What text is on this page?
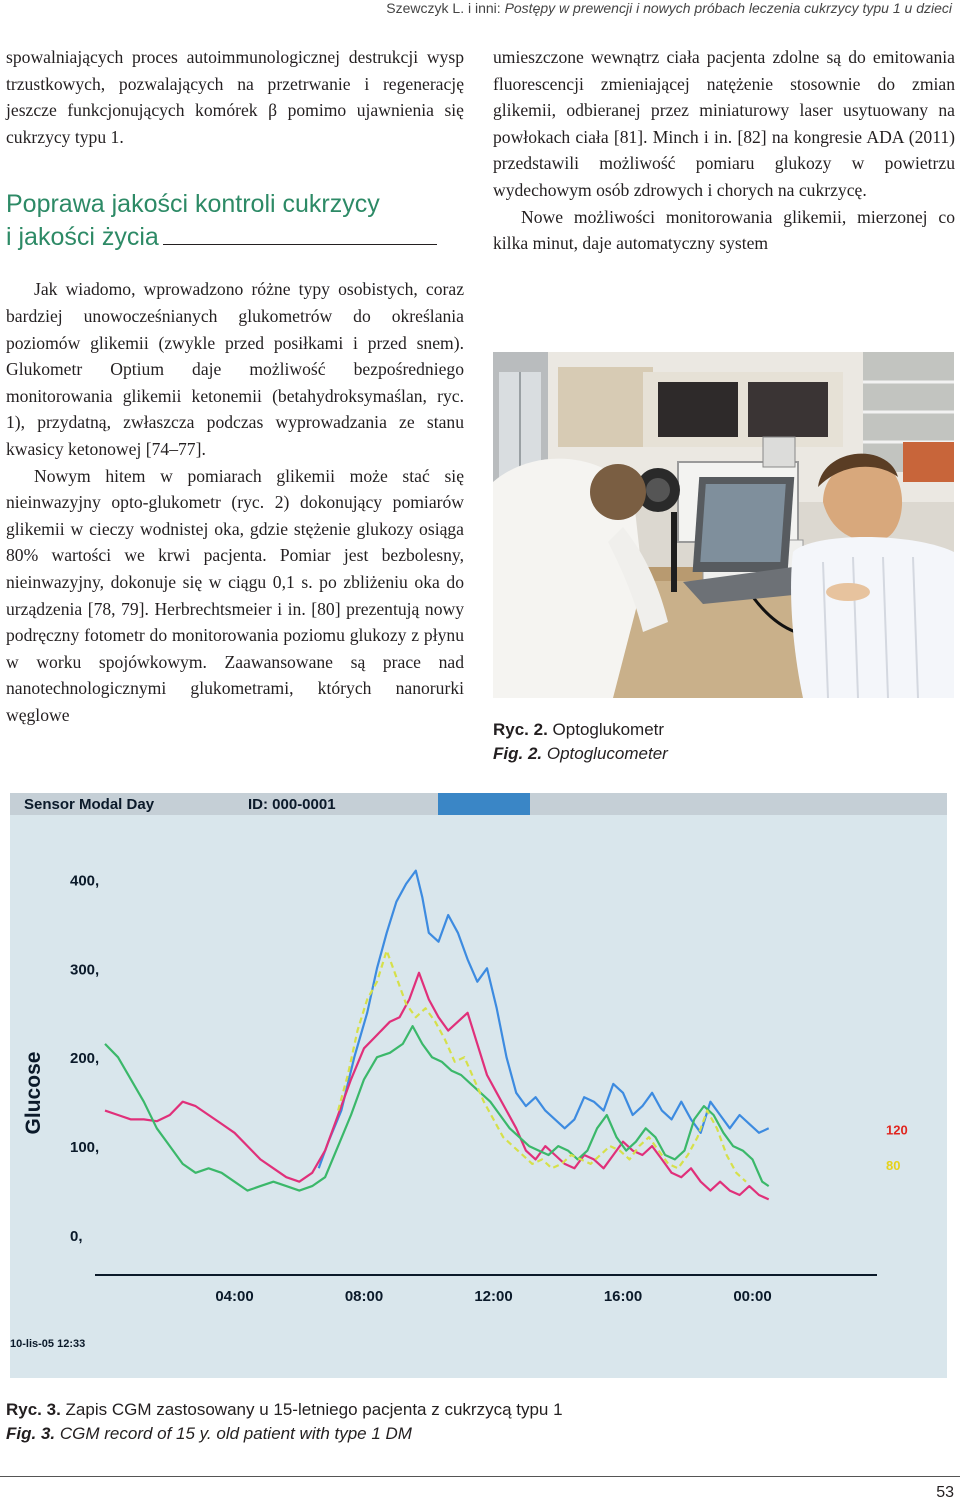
Szewczyk L. i inni: Postępy w prewencji i nowych próbach leczenia cukrzycy typu 1 u dzieci

spowalniających proces autoimmunologicznej destrukcji wysp trzustkowych, pozwalających na przetrwanie i regenerację jeszcze funkcjonujących komórek β pomimo ujawnienia się cukrzycy typu 1.

Poprawa jakości kontroli cukrzycy
i jakości życia

Jak wiadomo, wprowadzono różne typy osobistych, coraz bardziej unowocześnianych glukometrów do określania poziomów glikemii (zwykle przed posiłkami i przed snem). Glukometr Optium daje możliwość bezpośredniego monitorowania glikemii ketonemii (betahydroksymaślan, ryc. 1), przydatną, zwłaszcza podczas wyprowadzania ze stanu kwasicy ketonowej [74–77].

Nowym hitem w pomiarach glikemii może stać się nieinwazyjny opto-glukometr (ryc. 2) dokonujący pomiarów glikemii w cieczy wodnistej oka, gdzie stężenie glukozy osiąga 80% wartości we krwi pacjenta. Pomiar jest bezbolesny, nieinwazyjny, dokonuje się w ciągu 0,1 s. po zbliżeniu oka do urządzenia [78, 79]. Herbrechtsmeier i in. [80] prezentują nowy podręczny fotometr do monitorowania poziomu glukozy z płynu w worku spojówkowym. Zaawansowane są prace nad nanotechnologicznymi glukometrami, których nanorurki węglowe

umieszczone wewnątrz ciała pacjenta zdolne są do emitowania fluorescencji zmieniającej natężenie stosownie do zmian glikemii, odbieranej przez miniaturowy laser usytuowany na powłokach ciała [81]. Minch i in. [82] na kongresie ADA (2011) przedstawili możliwość pomiaru glukozy w powietrzu wydechowym osób zdrowych i chorych na cukrzycę.

Nowe możliwości monitorowania glikemii, mierzonej co kilka minut, daje automatyczny system

Ryc. 2. Optoglukometr
Fig. 2. Optoglucometer
Sensor Modal Day	ID: 000-0001
Glucose
10-lis-05 12:33
0,
100,
200,
300,
400,
04:00	08:00	12:00	16:00	00:00
120
80
Ryc. 3. Zapis CGM zastosowany u 15-letniego pacjenta z cukrzycą typu 1
Fig. 3. CGM record of 15 y. old patient with type 1 DM
53
